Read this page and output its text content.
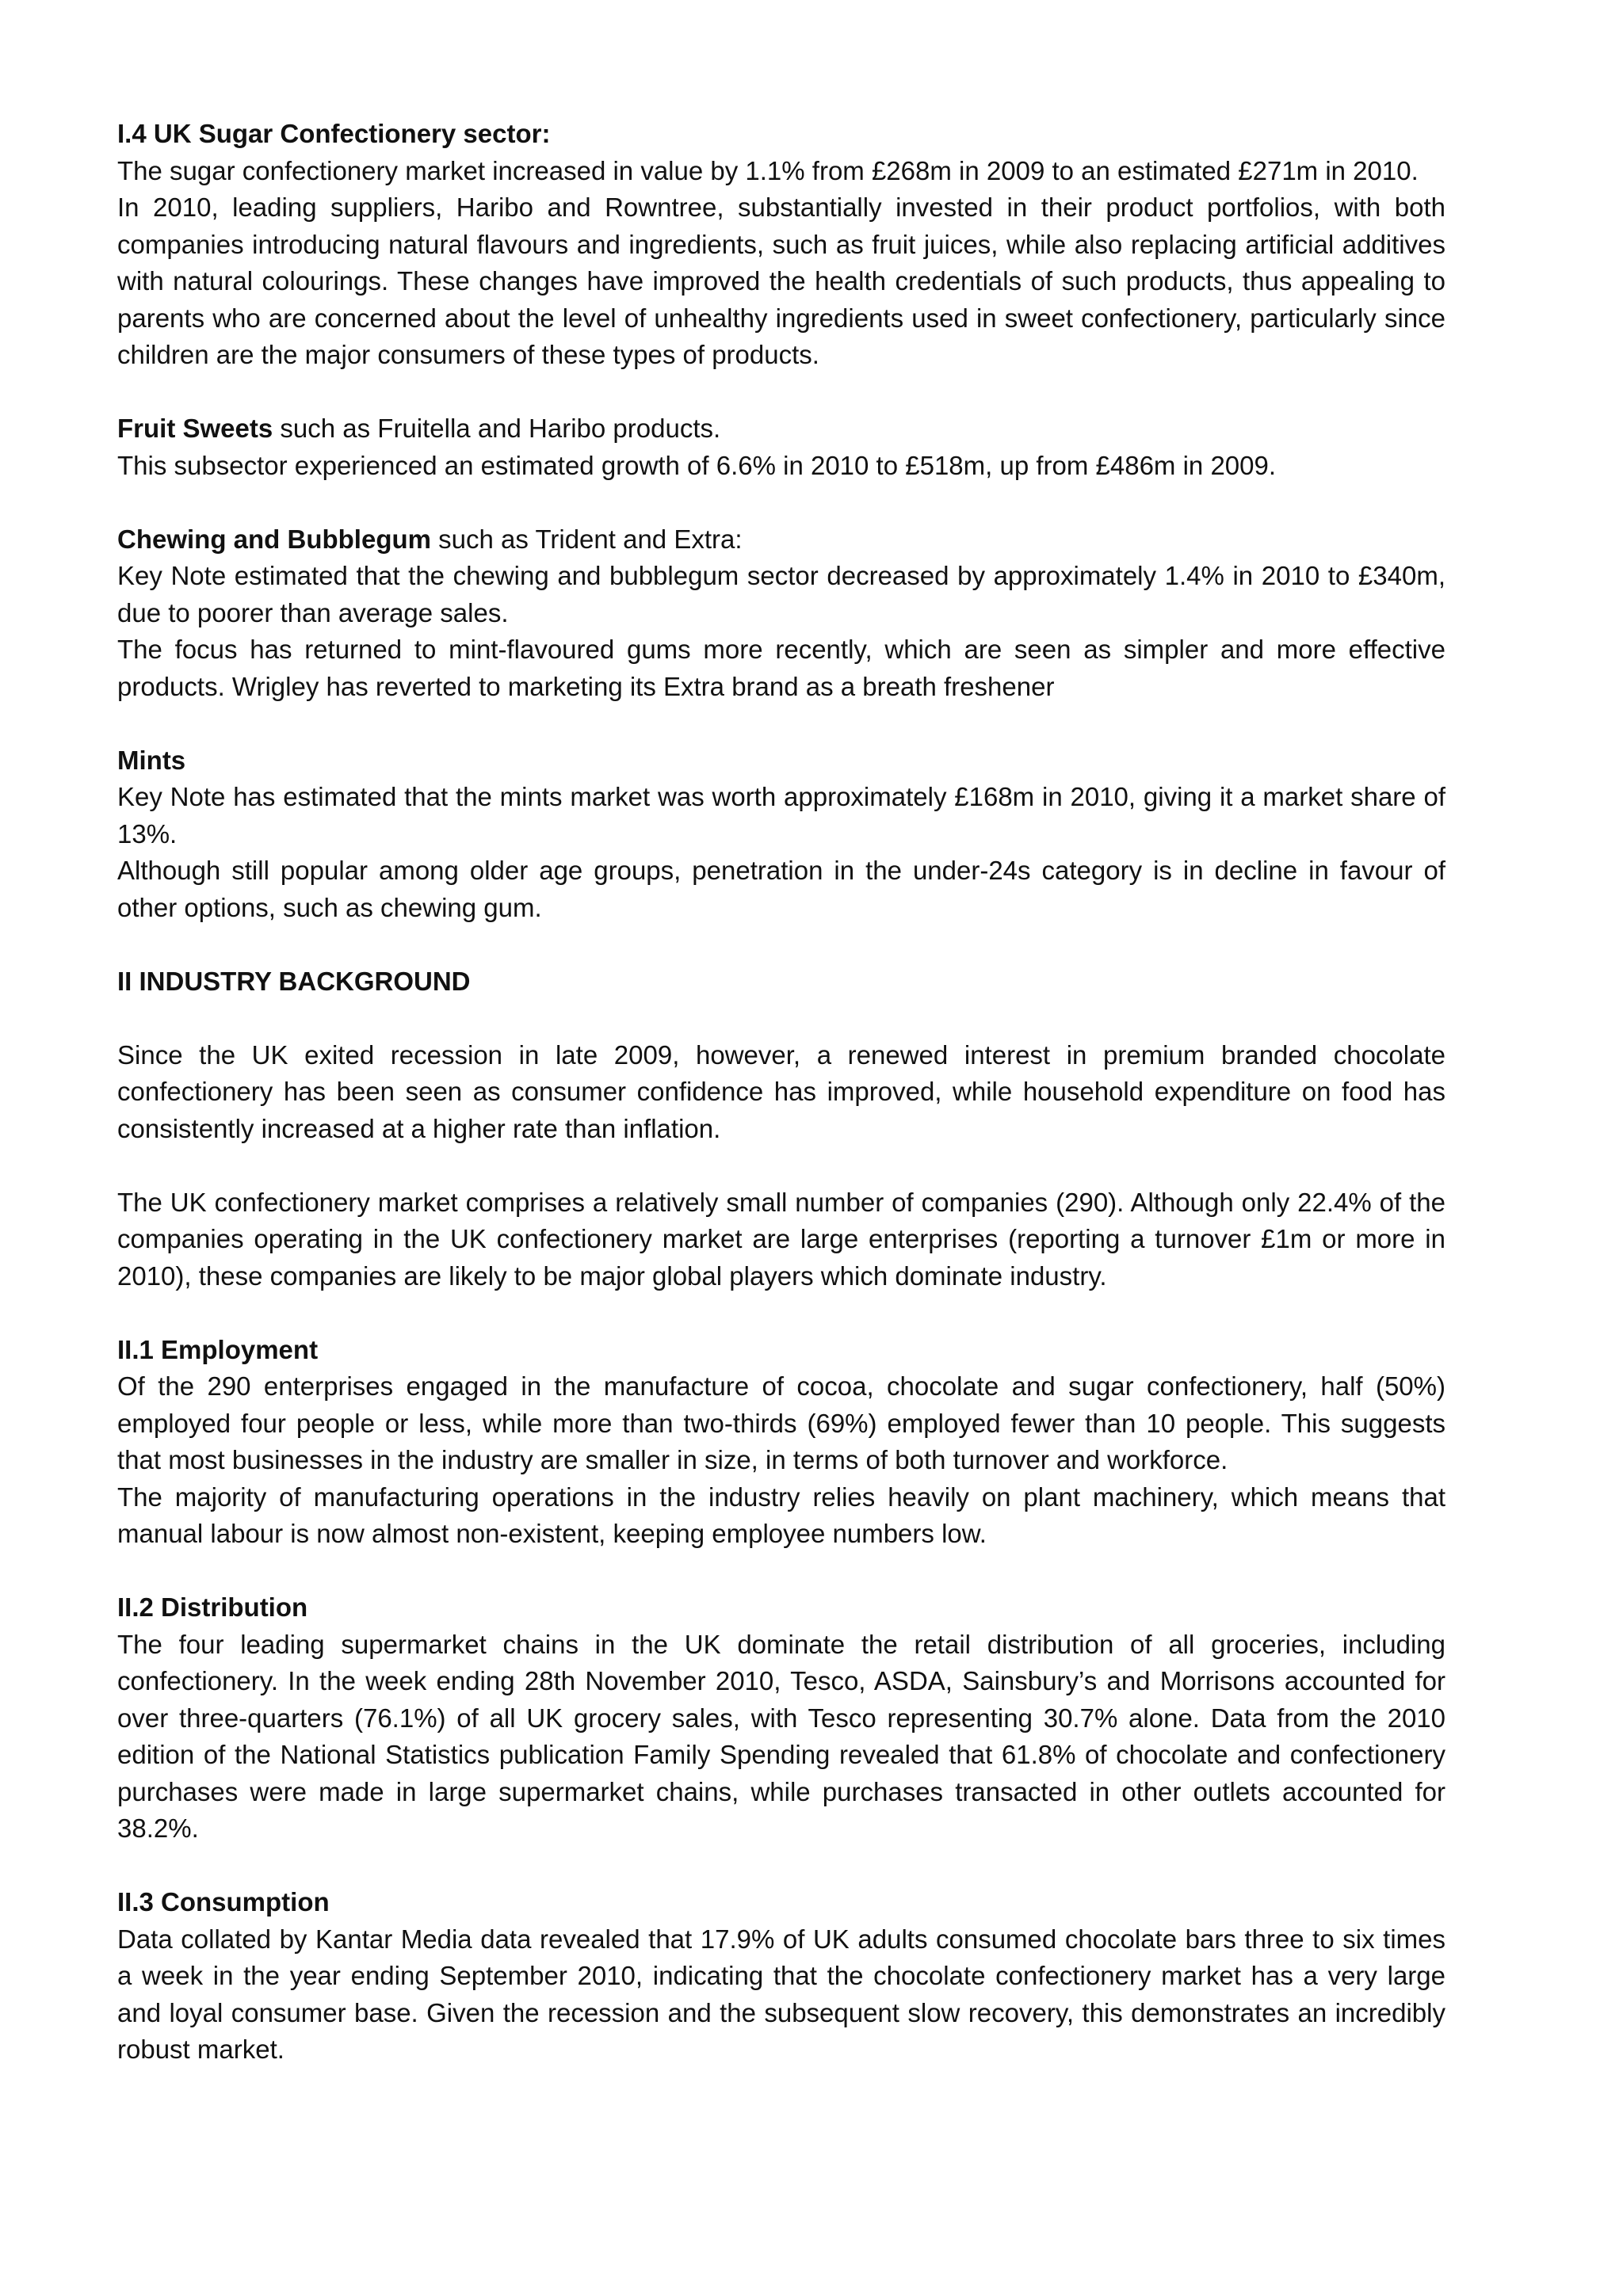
I.4 UK Sugar Confectionery sector:

The sugar confectionery market increased in value by 1.1% from £268m in 2009 to an estimated £271m in 2010.

In 2010, leading suppliers, Haribo and Rowntree, substantially invested in their product portfolios, with both companies introducing natural flavours and ingredients, such as fruit juices, while also replacing artificial additives with natural colourings. These changes have improved the health credentials of such products, thus appealing to parents who are concerned about the level of unhealthy ingredients used in sweet confectionery, particularly since children are the major consumers of these types of products.

Fruit Sweets such as Fruitella and Haribo products.

This subsector experienced an estimated growth of 6.6% in 2010 to £518m, up from £486m in 2009.

Chewing and Bubblegum such as Trident and Extra:

Key Note estimated that the chewing and bubblegum sector decreased by approximately 1.4% in 2010 to £340m, due to poorer than average sales.

The focus has returned to mint-flavoured gums more recently, which are seen as simpler and more effective products. Wrigley has reverted to marketing its Extra brand as a breath freshener

Mints

Key Note has estimated that the mints market was worth approximately £168m in 2010, giving it a market share of 13%.

Although still popular among older age groups, penetration in the under-24s category is in decline in favour of other options, such as chewing gum.

II INDUSTRY BACKGROUND

Since the UK exited recession in late 2009, however, a renewed interest in premium branded chocolate confectionery has been seen as consumer confidence has improved, while household expenditure on food has consistently increased at a higher rate than inflation.

The UK confectionery market comprises a relatively small number of companies (290). Although only 22.4% of the companies operating in the UK confectionery market are large enterprises (reporting a turnover £1m or more in 2010), these companies are likely to be major global players which dominate industry.

II.1 Employment

Of the 290 enterprises engaged in the manufacture of cocoa, chocolate and sugar confectionery, half (50%) employed four people or less, while more than two-thirds (69%) employed fewer than 10 people. This suggests that most businesses in the industry are smaller in size, in terms of both turnover and workforce.

The majority of manufacturing operations in the industry relies heavily on plant machinery, which means that manual labour is now almost non-existent, keeping employee numbers low.

II.2 Distribution

The four leading supermarket chains in the UK dominate the retail distribution of all groceries, including confectionery. In the week ending 28th November 2010, Tesco, ASDA, Sainsbury’s and Morrisons accounted for over three-quarters (76.1%) of all UK grocery sales, with Tesco representing 30.7% alone. Data from the 2010 edition of the National Statistics publication Family Spending revealed that 61.8% of chocolate and confectionery purchases were made in large supermarket chains, while purchases transacted in other outlets accounted for 38.2%.

II.3 Consumption

Data collated by Kantar Media data revealed that 17.9% of UK adults consumed chocolate bars three to six times a week in the year ending September 2010, indicating that the chocolate confectionery market has a very large and loyal consumer base. Given the recession and the subsequent slow recovery, this demonstrates an incredibly robust market.
